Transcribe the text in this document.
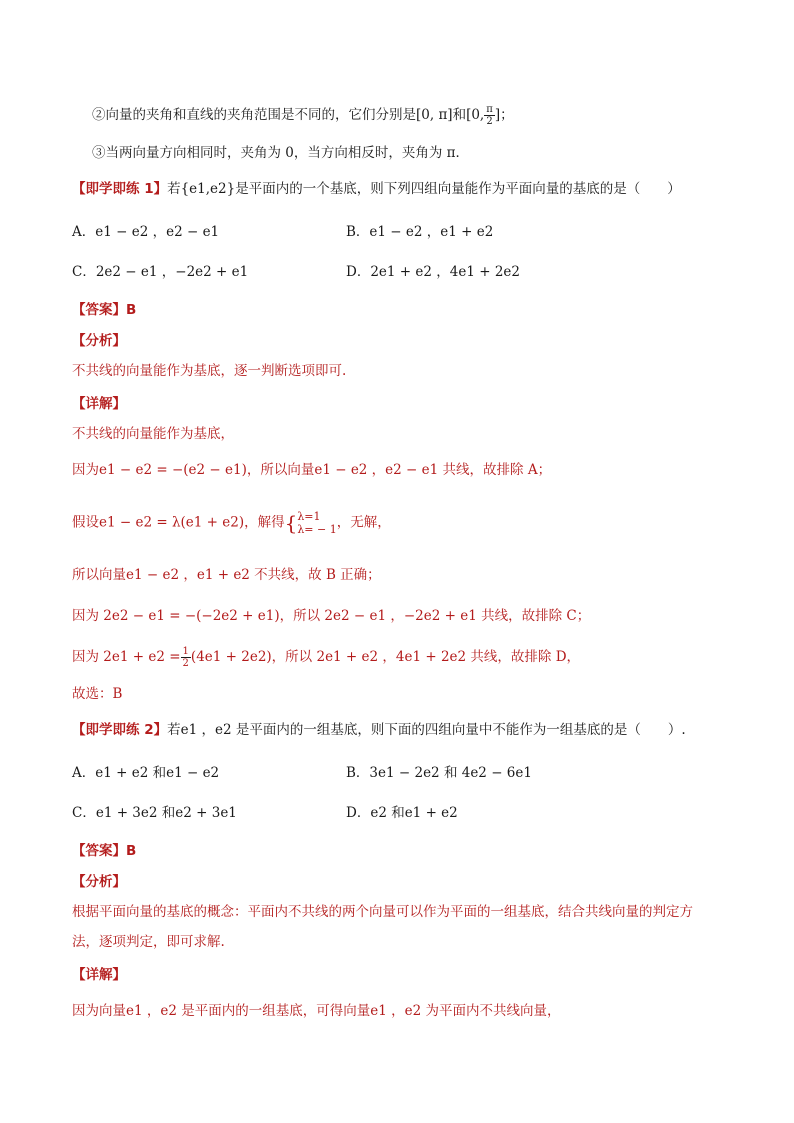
②向量的夹角和直线的夹角范围是不同的，它们分别是[0, π]和[0, $\frac{\pi}{2}$ ]；
③当两向量方向相同时，夹角为 0，当方向相反时，夹角为 π．
【即学即练 1】若{e1,e2}是平面内的一个基底，则下列四组向量能作为平面向量的基底的是（　　）
A．e1 − e2 ，e2 − e1	B．e1 − e2 ，e1 + e2
C．2e2 − e1 ，−2e2 + e1	D．2e1 + e2 ，4e1 + 2e2
【答案】B
【分析】
不共线的向量能作为基底，逐一判断选项即可.
【详解】
不共线的向量能作为基底，
因为e1 − e2 = −(e2 − e1)，所以向量e1 − e2 ，e2 − e1 共线，故排除 A；
假设e1 − e2 = λ(e1 + e2)，解得{ λ=1
λ= − 1 ，无解，
所以向量e1 − e2 ，e1 + e2 不共线，故 B 正确；
因为 2e2 − e1 = −(−2e2 + e1)，所以 2e2 − e1 ，−2e2 + e1 共线，故排除 C；
因为 $2e1 + e2 = \frac{1}{2} (4e1 + 2e2)$，所以 2e1 + e2 ，4e1 + 2e2 共线，故排除 D，
故选：B
【即学即练 2】若e1 ，e2 是平面内的一组基底，则下面的四组向量中不能作为一组基底的是（　　）.
A．e1 + e2 和e1 − e2	B．3e1 − 2e2 和 4e2 − 6e1
C．e1 + 3e2 和e2 + 3e1	D．e2 和e1 + e2
【答案】B
【分析】
根据平面向量的基底的概念：平面内不共线的两个向量可以作为平面的一组基底，结合共线向量的判定方
法，逐项判定，即可求解.
【详解】
因为向量e1 ，e2 是平面内的一组基底，可得向量e1 ，e2 为平面内不共线向量，
